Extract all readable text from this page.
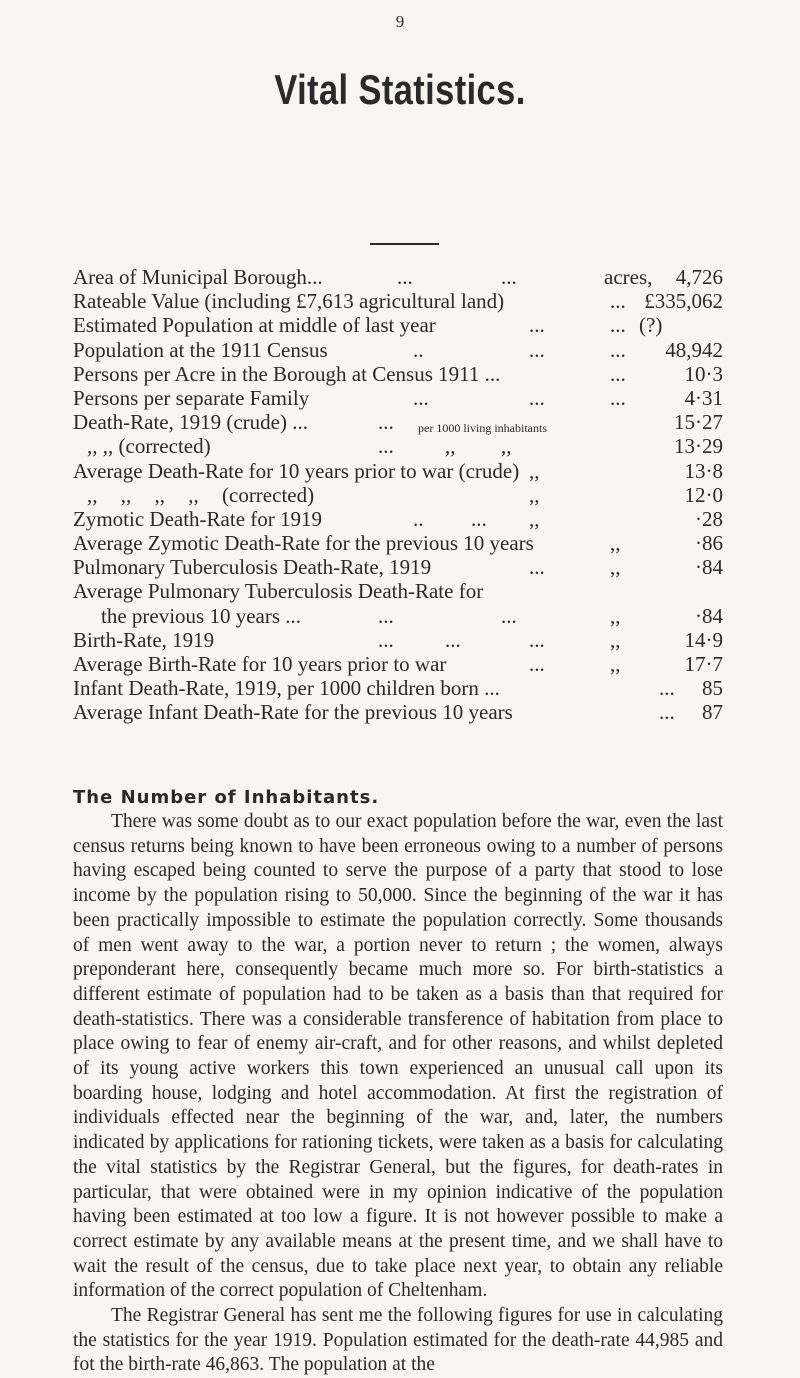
9
Vital Statistics.
Area of Municipal Borough...	...	...	acres, 4,726
Rateable Value (including £7,613 agricultural land)	... £335,062
Estimated Population at middle of last year	...	... (?)
Population at the 1911 Census	..	...	... 48,942
Persons per Acre in the Borough at Census 1911 ...	...	10·3
Persons per separate Family	...	...	...	4·31
Death-Rate, 1919 (crude) ...	... per 1000 living inhabitants	15·27
,, ,, (corrected)	... ,, ,,	13·29
Average Death-Rate for 10 years prior to war (crude) ,,	13·8
,, ,, ,, ,, (corrected)	,,	12·0
Zymotic Death-Rate for 1919	.. ... ,,	·28
Average Zymotic Death-Rate for the previous 10 years	,,	·86
Pulmonary Tuberculosis Death-Rate, 1919	...	,,	·84
Average Pulmonary Tuberculosis Death-Rate for
the previous 10 years ...	...	...	,,	·84
Birth-Rate, 1919	... ...	...	,,	14·9
Average Birth-Rate for 10 years prior to war	...	,,	17·7
Infant Death-Rate, 1919, per 1000 children born ...	... 85
Average Infant Death-Rate for the previous 10 years	... 87
The Number of Inhabitants.

There was some doubt as to our exact population before the war, even the last census returns being known to have been erroneous owing to a number of persons having escaped being counted to serve the purpose of a party that stood to lose income by the population rising to 50,000. Since the beginning of the war it has been practically impossible to estimate the population correctly. Some thousands of men went away to the war, a portion never to return ; the women, always preponderant here, consequently became much more so. For birth-statistics a different estimate of population had to be taken as a basis than that required for death-statistics. There was a considerable transference of habitation from place to place owing to fear of enemy air-craft, and for other reasons, and whilst depleted of its young active workers this town experienced an unusual call upon its boarding house, lodging and hotel accommodation. At first the registration of individuals effected near the beginning of the war, and, later, the numbers indicated by applications for rationing tickets, were taken as a basis for calculating the vital statistics by the Registrar General, but the figures, for death-rates in particular, that were obtained were in my opinion indicative of the population having been estimated at too low a figure. It is not however possible to make a correct estimate by any available means at the present time, and we shall have to wait the result of the census, due to take place next year, to obtain any reliable information of the correct population of Cheltenham.

The Registrar General has sent me the following figures for use in calculating the statistics for the year 1919. Population estimated for the death-rate 44,985 and fot the birth-rate 46,863. The population at the
